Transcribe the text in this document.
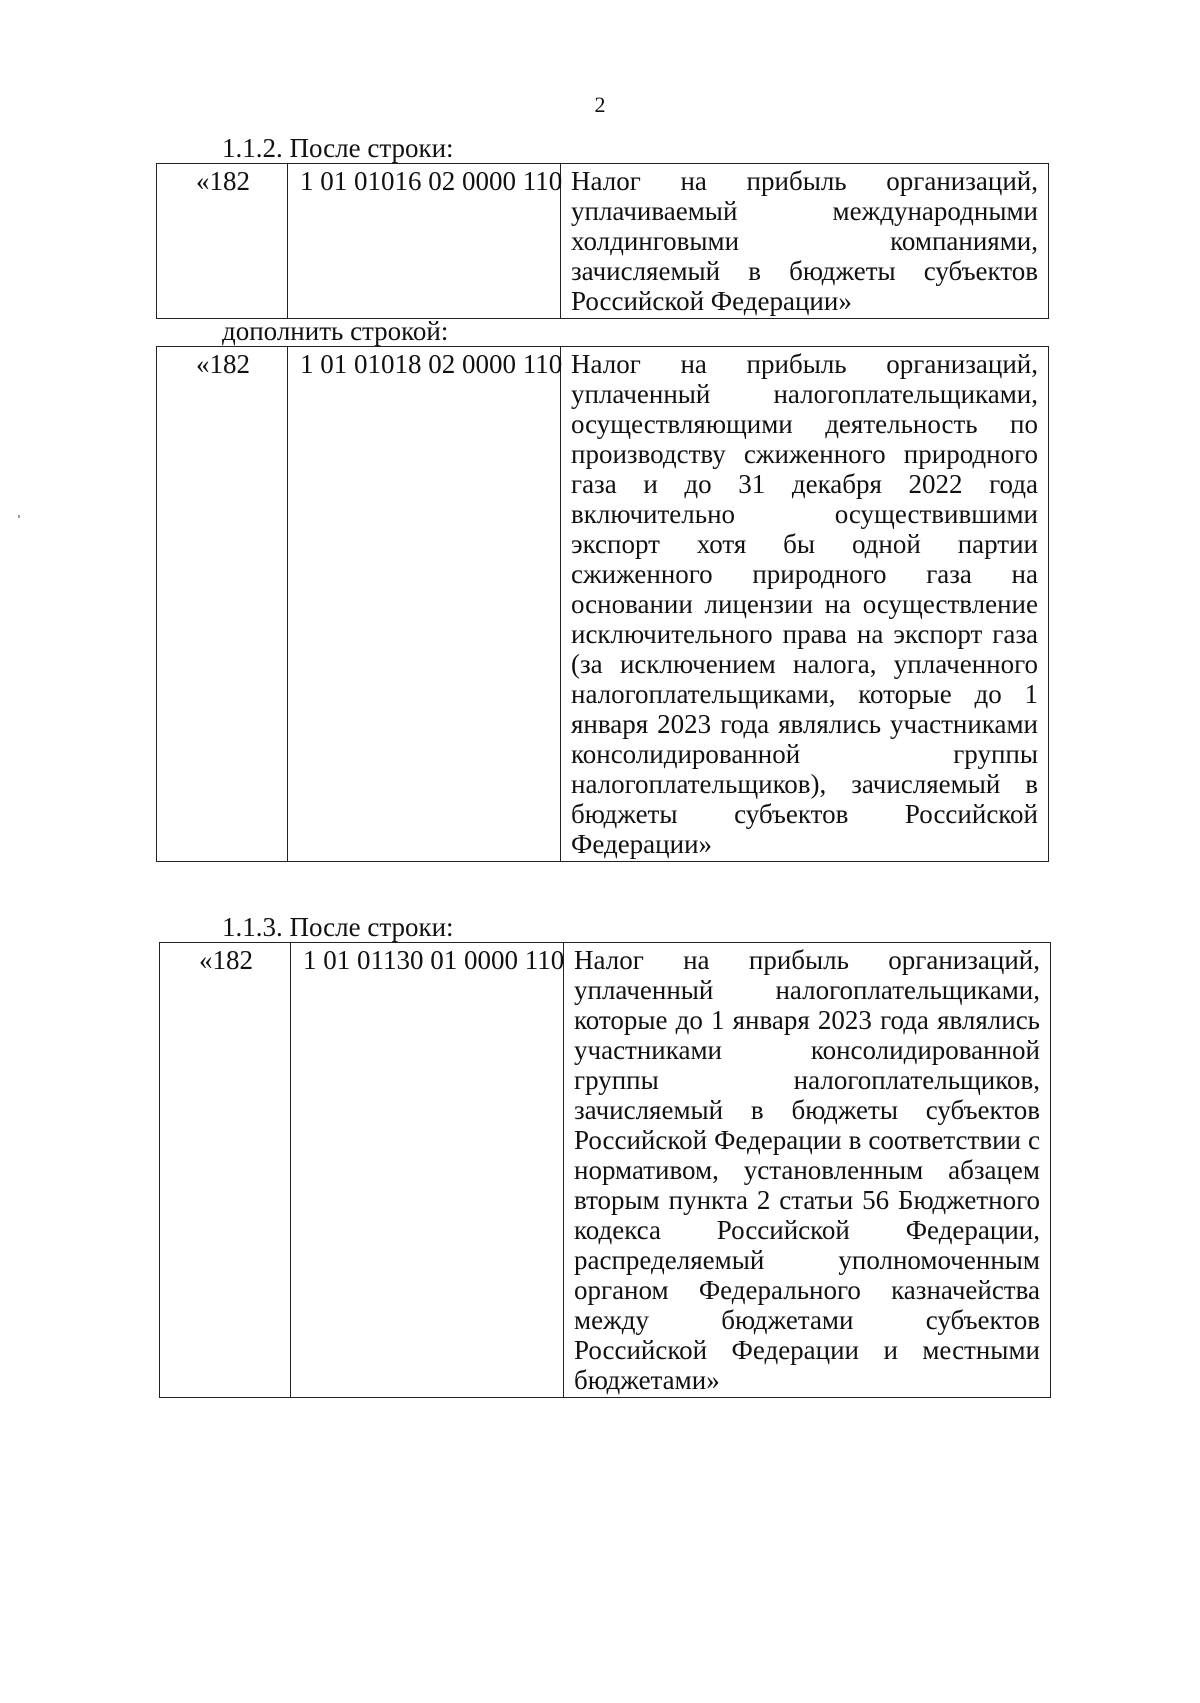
2
1.1.2. После строки:
«182	1 01 01016 02 0000 110	Налог на прибыль организаций, уплачиваемый международными холдинговыми компаниями, зачисляемый в бюджеты субъектов Российской Федерации»
дополнить строкой:
«182	1 01 01018 02 0000 110	Налог на прибыль организаций, уплаченный налогоплательщиками, осуществляющими деятельность по производству сжиженного природного газа и до 31 декабря 2022 года включительно осуществившими экспорт хотя бы одной партии сжиженного природного газа на основании лицензии на осуществление исключительного права на экспорт газа (за исключением налога, уплаченного налогоплательщиками, которые до 1 января 2023 года являлись участниками консолидированной группы налогоплательщиков), зачисляемый в бюджеты субъектов Российской Федерации»
1.1.3. После строки:
«182	1 01 01130 01 0000 110	Налог на прибыль организаций, уплаченный налогоплательщиками, которые до 1 января 2023 года являлись участниками консолидированной группы налогоплательщиков, зачисляемый в бюджеты субъектов Российской Федерации в соответствии с нормативом, установленным абзацем вторым пункта 2 статьи 56 Бюджетного кодекса Российской Федерации, распределяемый уполномоченным органом Федерального казначейства между бюджетами субъектов Российской Федерации и местными бюджетами»
